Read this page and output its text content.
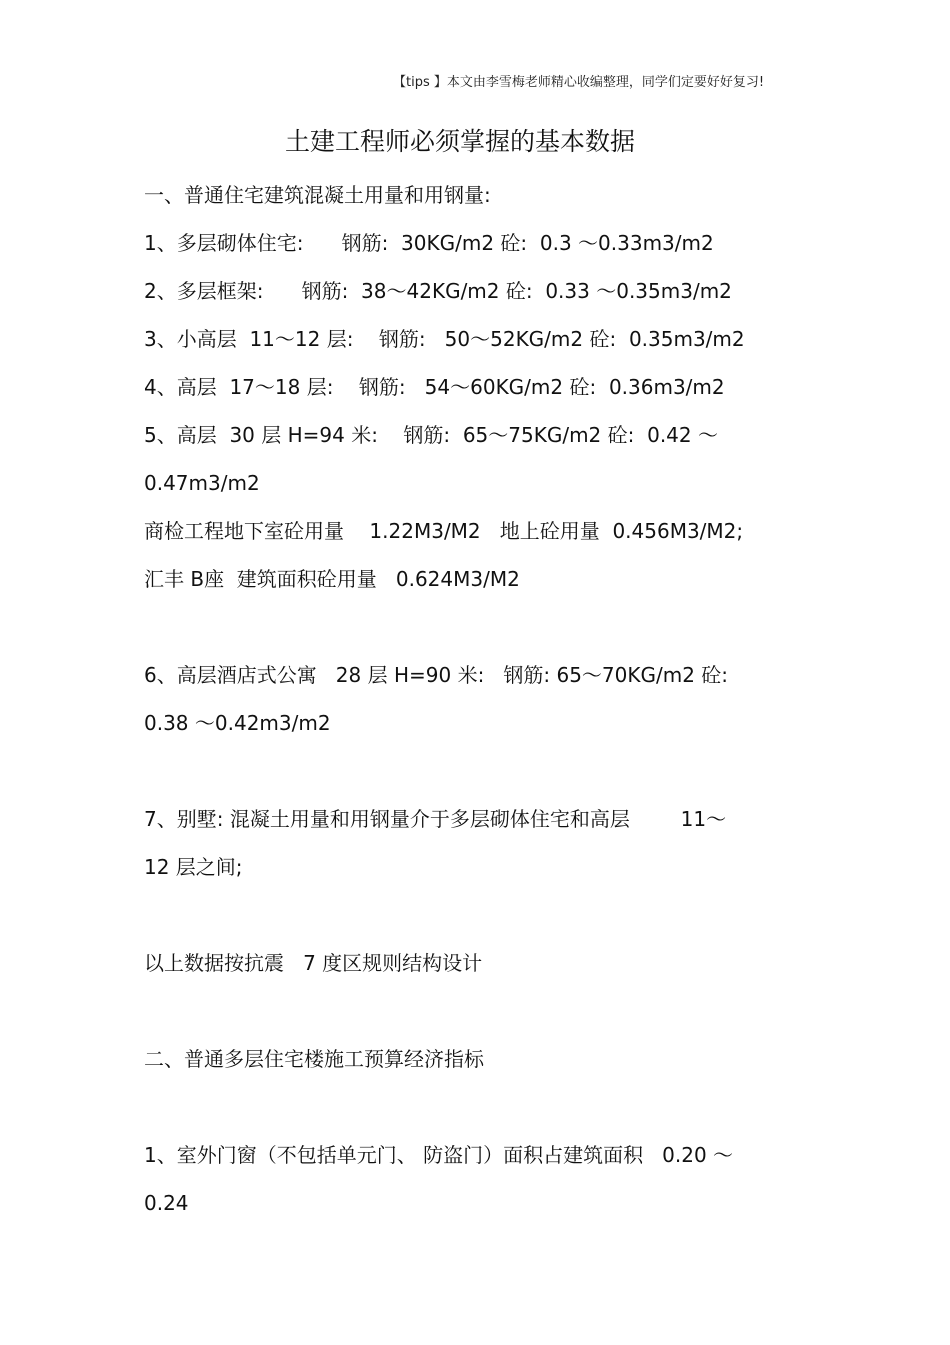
【tips 】本文由李雪梅老师精心收编整理，同学们定要好好复习!
土建工程师必须掌握的基本数据
一、普通住宅建筑混凝土用量和用钢量:
1、多层砌体住宅:      钢筋:  30KG/m2 砼:  0.3 ～0.33m3/m2
2、多层框架:      钢筋:  38～42KG/m2 砼:  0.33 ～0.35m3/m2
3、小高层  11～12 层:    钢筋:   50～52KG/m2 砼:  0.35m3/m2
4、高层  17～18 层:    钢筋:   54～60KG/m2 砼:  0.36m3/m2
5、高层  30 层 H=94 米:    钢筋:  65～75KG/m2 砼:  0.42 ～
0.47m3/m2
商检工程地下室砼用量    1.22M3/M2   地上砼用量  0.456M3/M2;
汇丰 B座  建筑面积砼用量   0.624M3/M2
6、高层酒店式公寓   28 层 H=90 米:   钢筋: 65～70KG/m2 砼:
0.38 ～0.42m3/m2
7、别墅: 混凝土用量和用钢量介于多层砌体住宅和高层        11～
12 层之间;
以上数据按抗震   7 度区规则结构设计
二、普通多层住宅楼施工预算经济指标
1、室外门窗（不包括单元门、 防盗门）面积占建筑面积   0.20 ～
0.24
